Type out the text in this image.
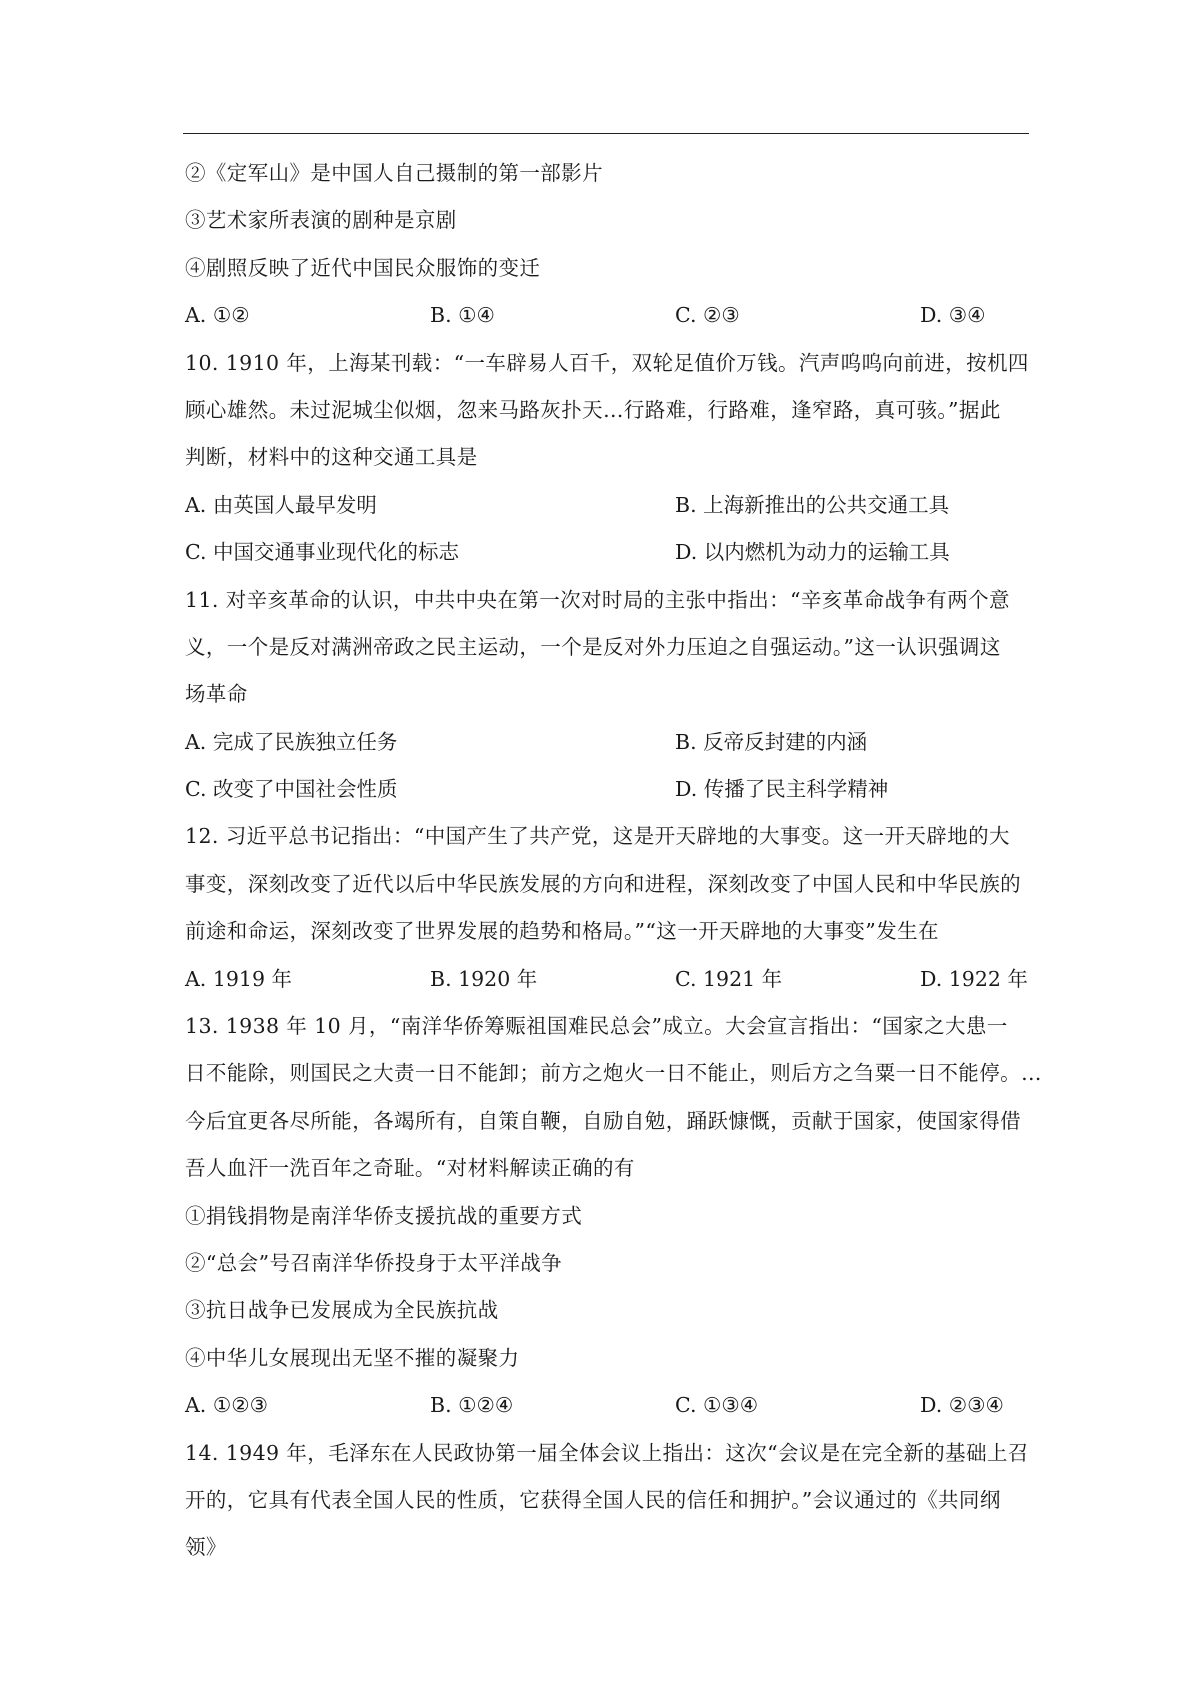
②《定军山》是中国人自己摄制的第一部影片
③艺术家所表演的剧种是京剧
④剧照反映了近代中国民众服饰的变迁
A. ①②	B. ①④	C. ②③	D. ③④
10. 1910 年，上海某刊载：“一车辟易人百千，双轮足值价万钱。汽声呜呜向前进，按机四
顾心雄然。未过泥城尘似烟，忽来马路灰扑天…行路难，行路难，逢窄路，真可骇。”据此
判断，材料中的这种交通工具是
A. 由英国人最早发明	B. 上海新推出的公共交通工具
C. 中国交通事业现代化的标志	D. 以内燃机为动力的运输工具
11. 对辛亥革命的认识，中共中央在第一次对时局的主张中指出：“辛亥革命战争有两个意
义，一个是反对满洲帝政之民主运动，一个是反对外力压迫之自强运动。”这一认识强调这
场革命
A. 完成了民族独立任务	B. 反帝反封建的内涵
C. 改变了中国社会性质	D. 传播了民主科学精神
12. 习近平总书记指出：“中国产生了共产党，这是开天辟地的大事变。这一开天辟地的大
事变，深刻改变了近代以后中华民族发展的方向和进程，深刻改变了中国人民和中华民族的
前途和命运，深刻改变了世界发展的趋势和格局。”“这一开天辟地的大事变”发生在
A. 1919 年	B. 1920 年	C. 1921 年	D. 1922 年
13. 1938 年 10 月，“南洋华侨筹赈祖国难民总会”成立。大会宣言指出：“国家之大患一
日不能除，则国民之大责一日不能卸；前方之炮火一日不能止，则后方之刍粟一日不能停。…
今后宜更各尽所能，各竭所有，自策自鞭，自励自勉，踊跃慷慨，贡献于国家，使国家得借
吾人血汗一洗百年之奇耻。“对材料解读正确的有
①捐钱捐物是南洋华侨支援抗战的重要方式
②“总会”号召南洋华侨投身于太平洋战争
③抗日战争已发展成为全民族抗战
④中华儿女展现出无坚不摧的凝聚力
A. ①②③	B. ①②④	C. ①③④	D. ②③④
14. 1949 年，毛泽东在人民政协第一届全体会议上指出：这次“会议是在完全新的基础上召
开的，它具有代表全国人民的性质，它获得全国人民的信任和拥护。”会议通过的《共同纲
领》
